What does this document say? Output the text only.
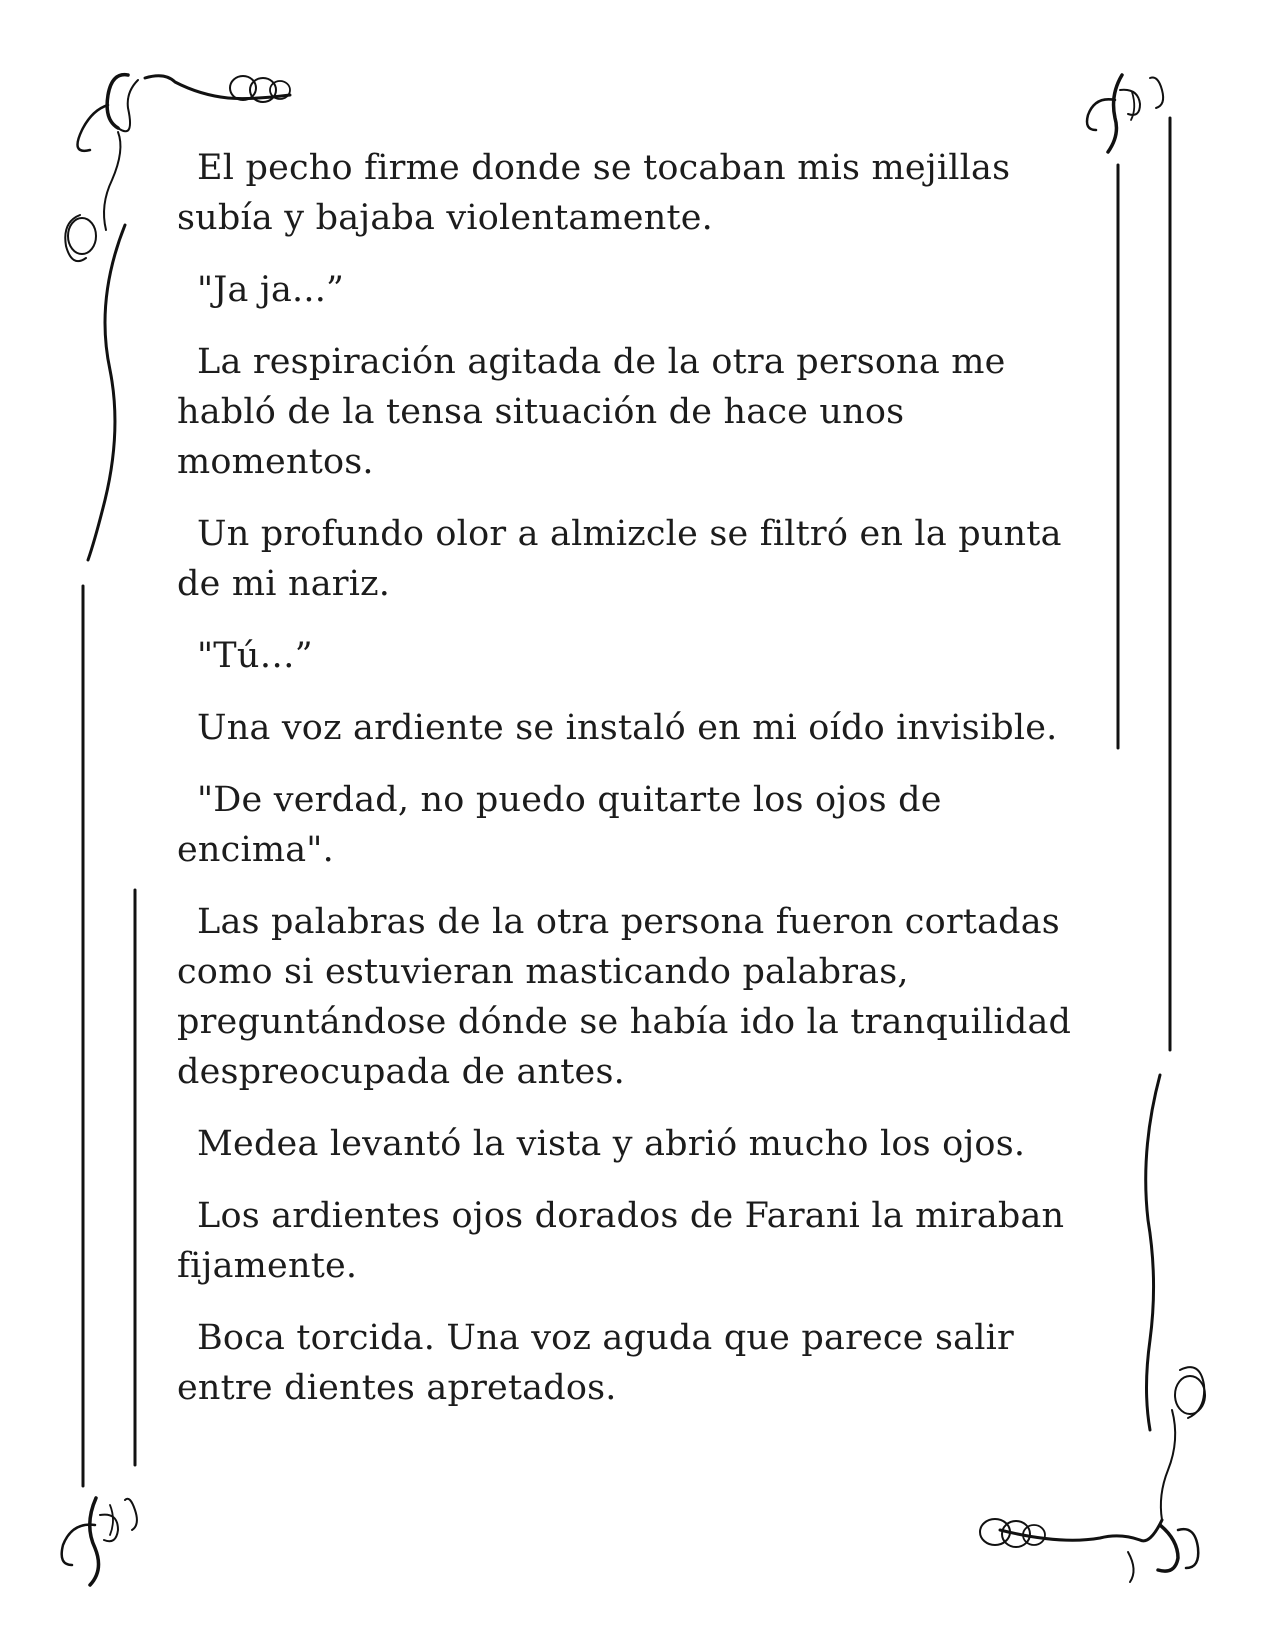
El pecho firme donde se tocaban mis mejillas subía y bajaba violentamente.

"Ja ja...”

La respiración agitada de la otra persona me habló de la tensa situación de hace unos momentos.

Un profundo olor a almizcle se filtró en la punta de mi nariz.

"Tú…”

Una voz ardiente se instaló en mi oído invisible.

"De verdad, no puedo quitarte los ojos de encima".

Las palabras de la otra persona fueron cortadas como si estuvieran masticando palabras, preguntándose dónde se había ido la tranquilidad despreocupada de antes.

Medea levantó la vista y abrió mucho los ojos.

Los ardientes ojos dorados de Farani la miraban fijamente.

Boca torcida. Una voz aguda que parece salir entre dientes apretados.
